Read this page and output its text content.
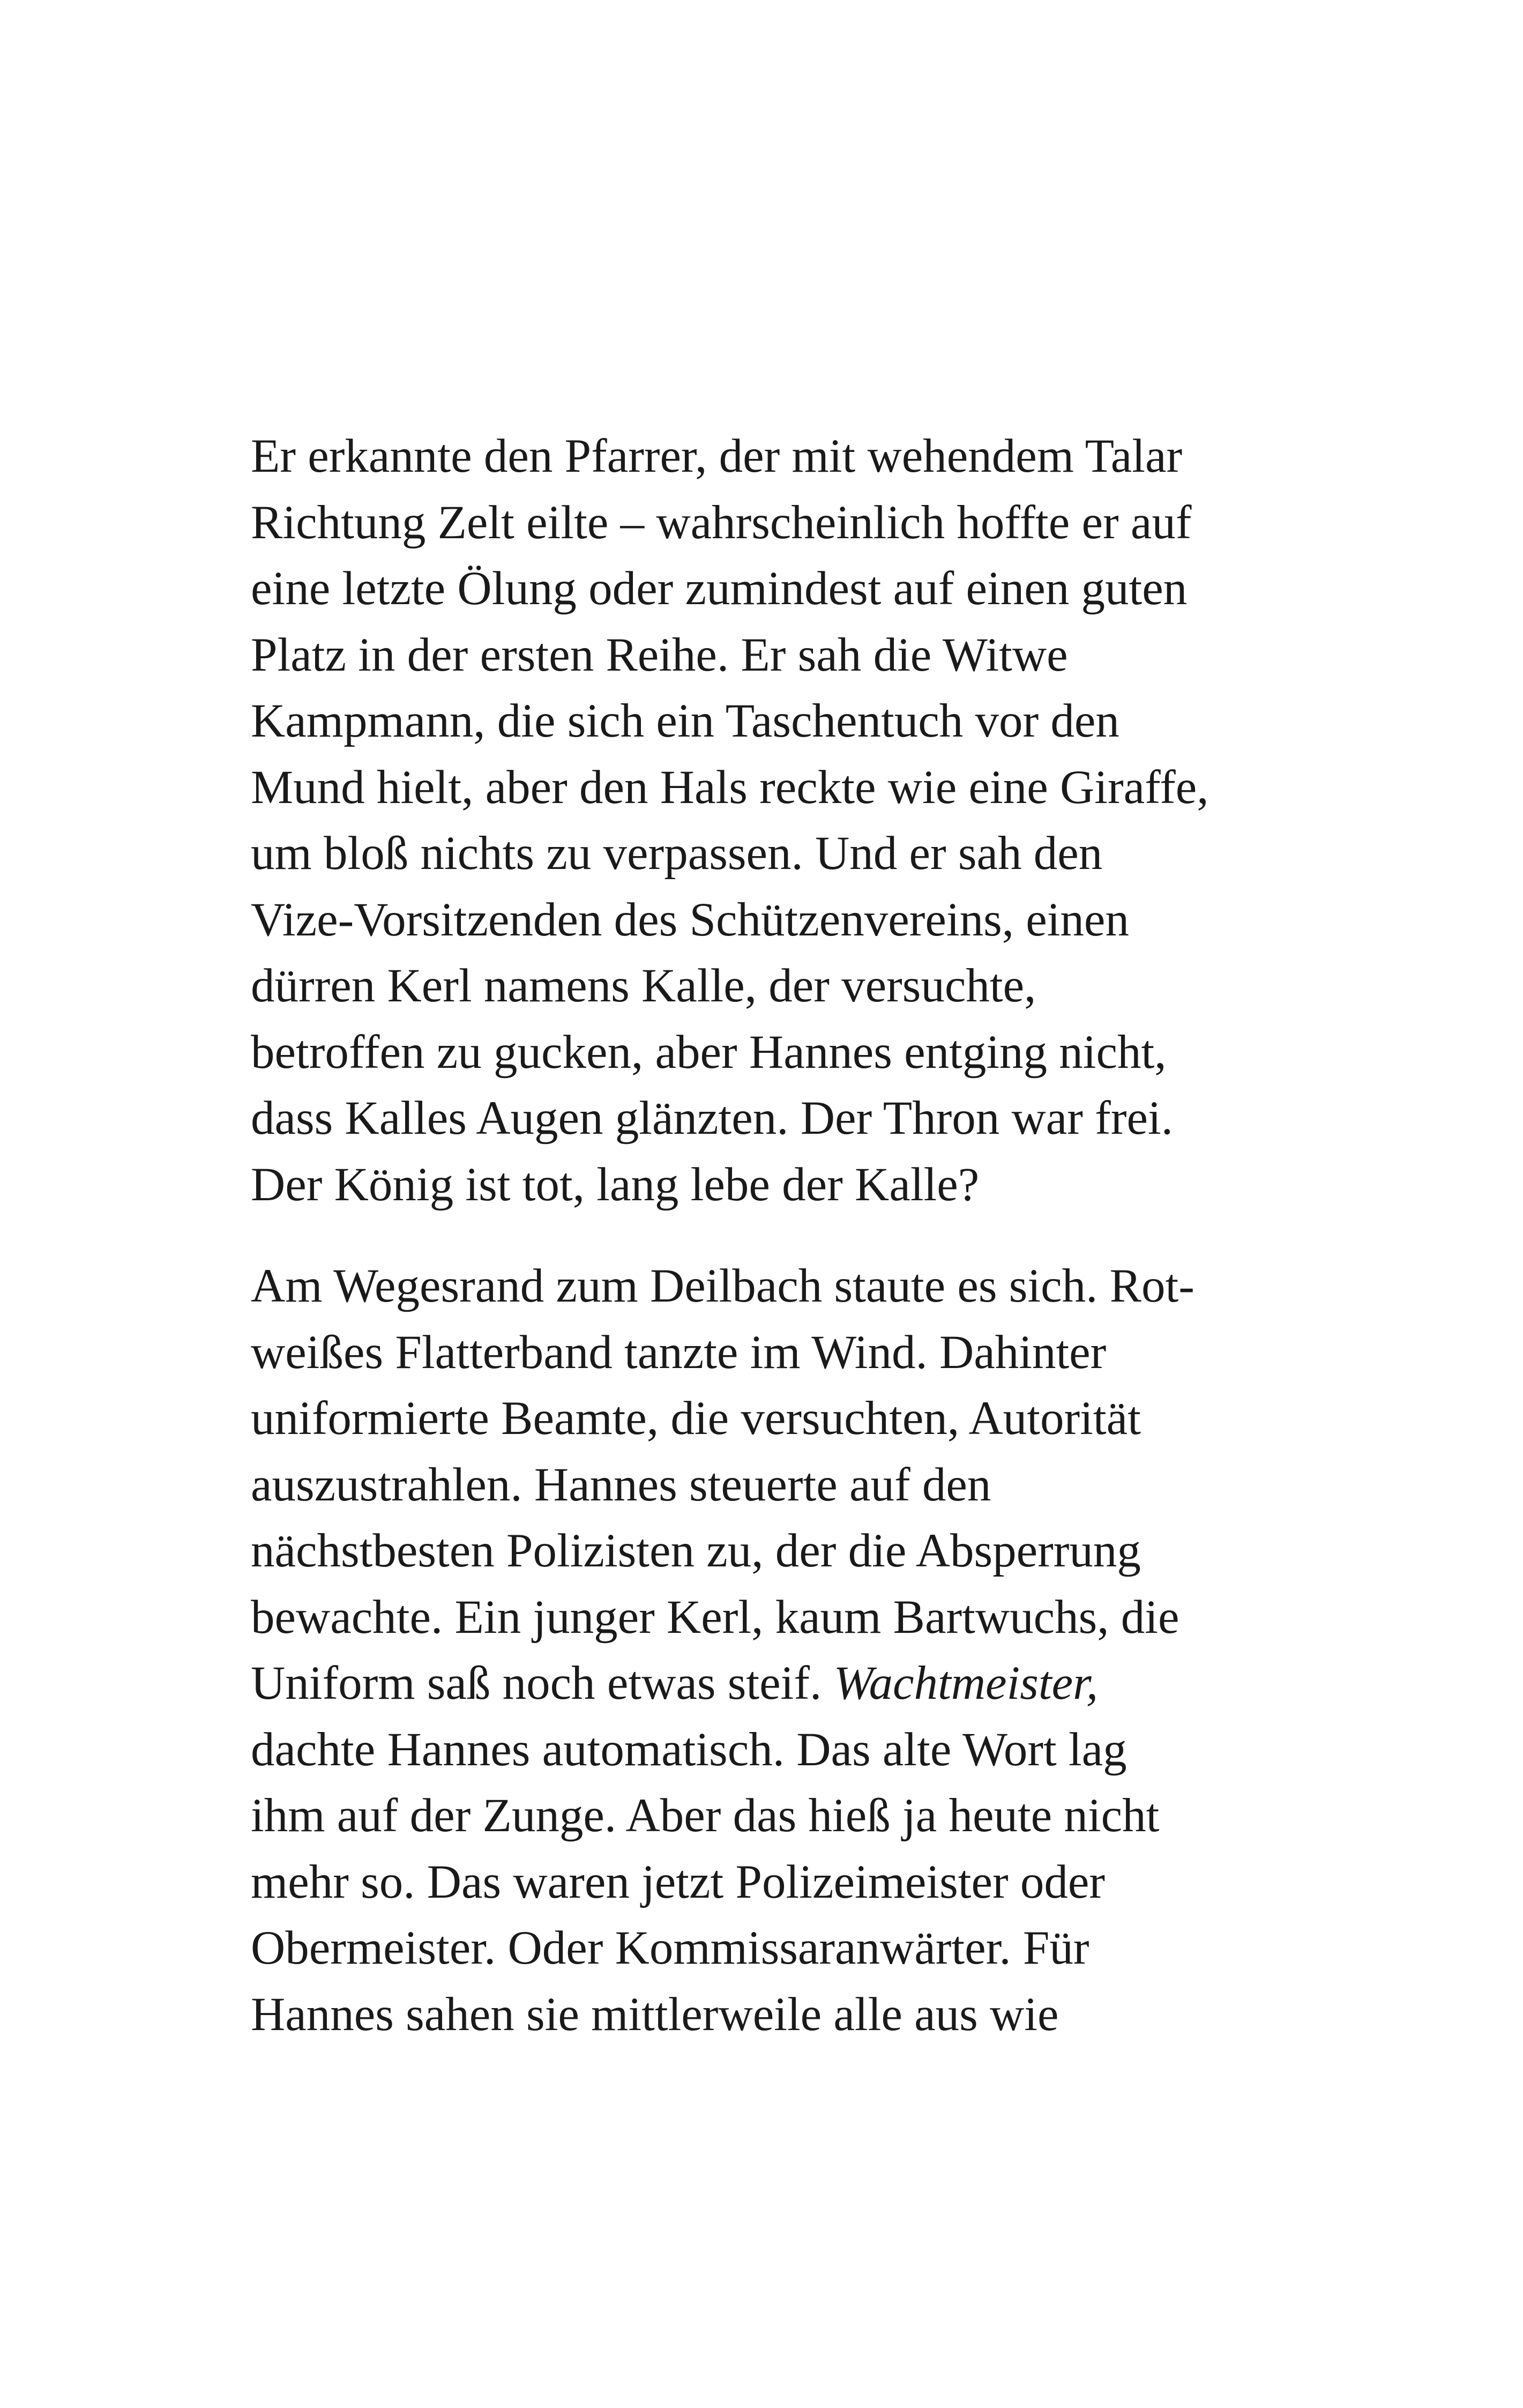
Er erkannte den Pfarrer, der mit wehendem Talar
Richtung Zelt eilte – wahrscheinlich hoffte er auf
eine letzte Ölung oder zumindest auf einen guten
Platz in der ersten Reihe. Er sah die Witwe
Kampmann, die sich ein Taschentuch vor den
Mund hielt, aber den Hals reckte wie eine Giraffe,
um bloß nichts zu verpassen. Und er sah den
Vize-Vorsitzenden des Schützenvereins, einen
dürren Kerl namens Kalle, der versuchte,
betroffen zu gucken, aber Hannes entging nicht,
dass Kalles Augen glänzten. Der Thron war frei.
Der König ist tot, lang lebe der Kalle?

Am Wegesrand zum Deilbach staute es sich. Rot-
weißes Flatterband tanzte im Wind. Dahinter
uniformierte Beamte, die versuchten, Autorität
auszustrahlen. Hannes steuerte auf den
nächstbesten Polizisten zu, der die Absperrung
bewachte. Ein junger Kerl, kaum Bartwuchs, die
Uniform saß noch etwas steif. Wachtmeister,
dachte Hannes automatisch. Das alte Wort lag
ihm auf der Zunge. Aber das hieß ja heute nicht
mehr so. Das waren jetzt Polizeimeister oder
Obermeister. Oder Kommissaranwärter. Für
Hannes sahen sie mittlerweile alle aus wie
